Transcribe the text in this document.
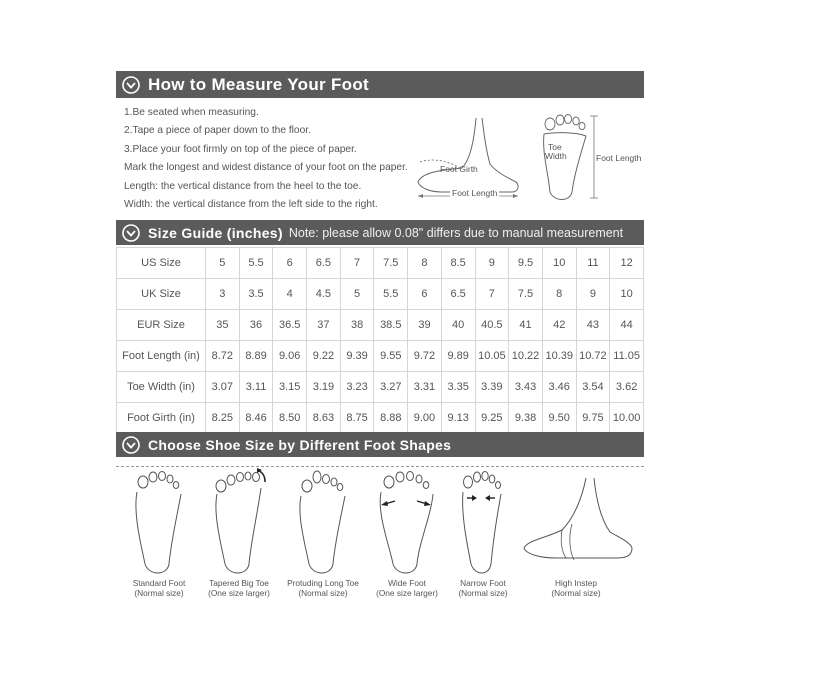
How to Measure Your Foot
1.Be seated when measuring.
2.Tape a piece of paper down to the floor.
3.Place your foot firmly on top of the piece of paper.
Mark the longest and widest distance of your foot on the paper.
Length: the vertical distance from the heel to the toe.
Width: the vertical distance from the left side to the right.
Foot Girth
Foot Length
Toe
Width	Foot Length
Size Guide (inches) Note: please allow 0.08" differs due to manual measurement
US Size	5	5.5	6	6.5	7	7.5	8	8.5	9	9.5	10	11	12
UK Size	3	3.5	4	4.5	5	5.5	6	6.5	7	7.5	8	9	10
EUR Size	35	36	36.5	37	38	38.5	39	40	40.5	41	42	43	44
Foot Length (in)	8.72	8.89	9.06	9.22	9.39	9.55	9.72	9.89	10.05	10.22	10.39	10.72	11.05
Toe Width (in)	3.07	3.11	3.15	3.19	3.23	3.27	3.31	3.35	3.39	3.43	3.46	3.54	3.62
Foot Girth (in)	8.25	8.46	8.50	8.63	8.75	8.88	9.00	9.13	9.25	9.38	9.50	9.75	10.00
Choose Shoe Size by Different Foot Shapes
Standard Foot
(Normal size)
Tapered Big Toe
(One size larger)
Protuding Long Toe
(Normal size)
Wide Foot
(One size larger)
Narrow Foot
(Normal size)
High Instep
(Normal size)
